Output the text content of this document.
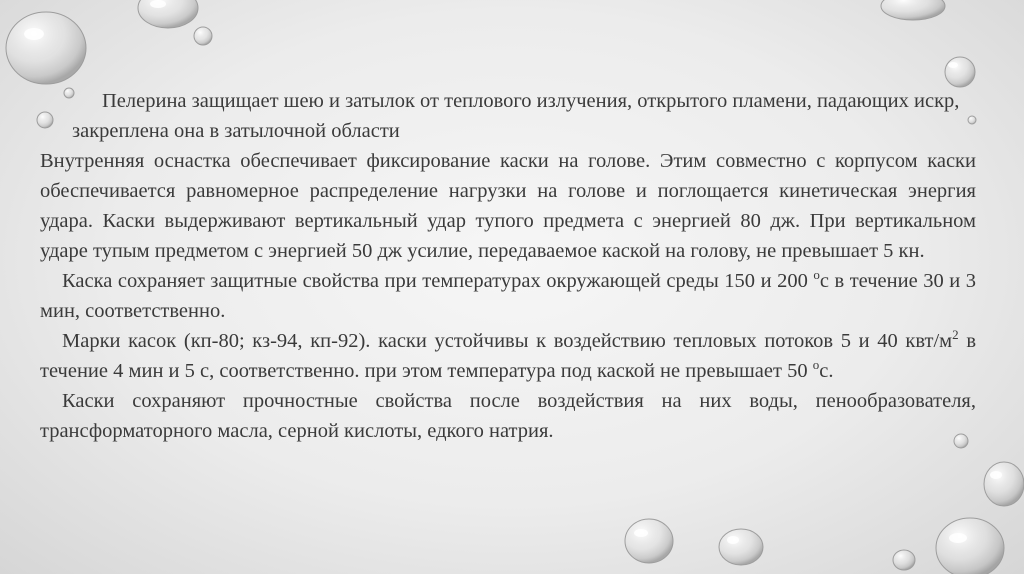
Пелерина защищает шею и затылок от теплового излучения, открытого пламени, падающих искр, закреплена она в затылочной области

Внутренняя оснастка обеспечивает фиксирование каски на голове. Этим совместно с корпусом каски обеспечивается равномерное распределение нагрузки на голове и поглощается кинетическая энергия удара. Каски выдерживают вертикальный удар тупого предмета с энергией 80 дж. При вертикальном ударе тупым предметом с энергией 50 дж усилие, передаваемое каской на голову, не превышает 5 кн.

Каска сохраняет защитные свойства при температурах окружающей среды 150 и 200 $^о$с в течение 30 и 3 мин, соответственно.

Марки касок (кп-80; кз-94, кп-92). каски устойчивы к воздействию тепловых потоков 5 и 40 квт/$м^2$ в течение 4 мин и 5 с, соответственно. при этом температура под каской не превышает 50 $^о$с.

Каски сохраняют прочностные свойства после воздействия на них воды, пенообразователя, трансформаторного масла, серной кислоты, едкого натрия.
